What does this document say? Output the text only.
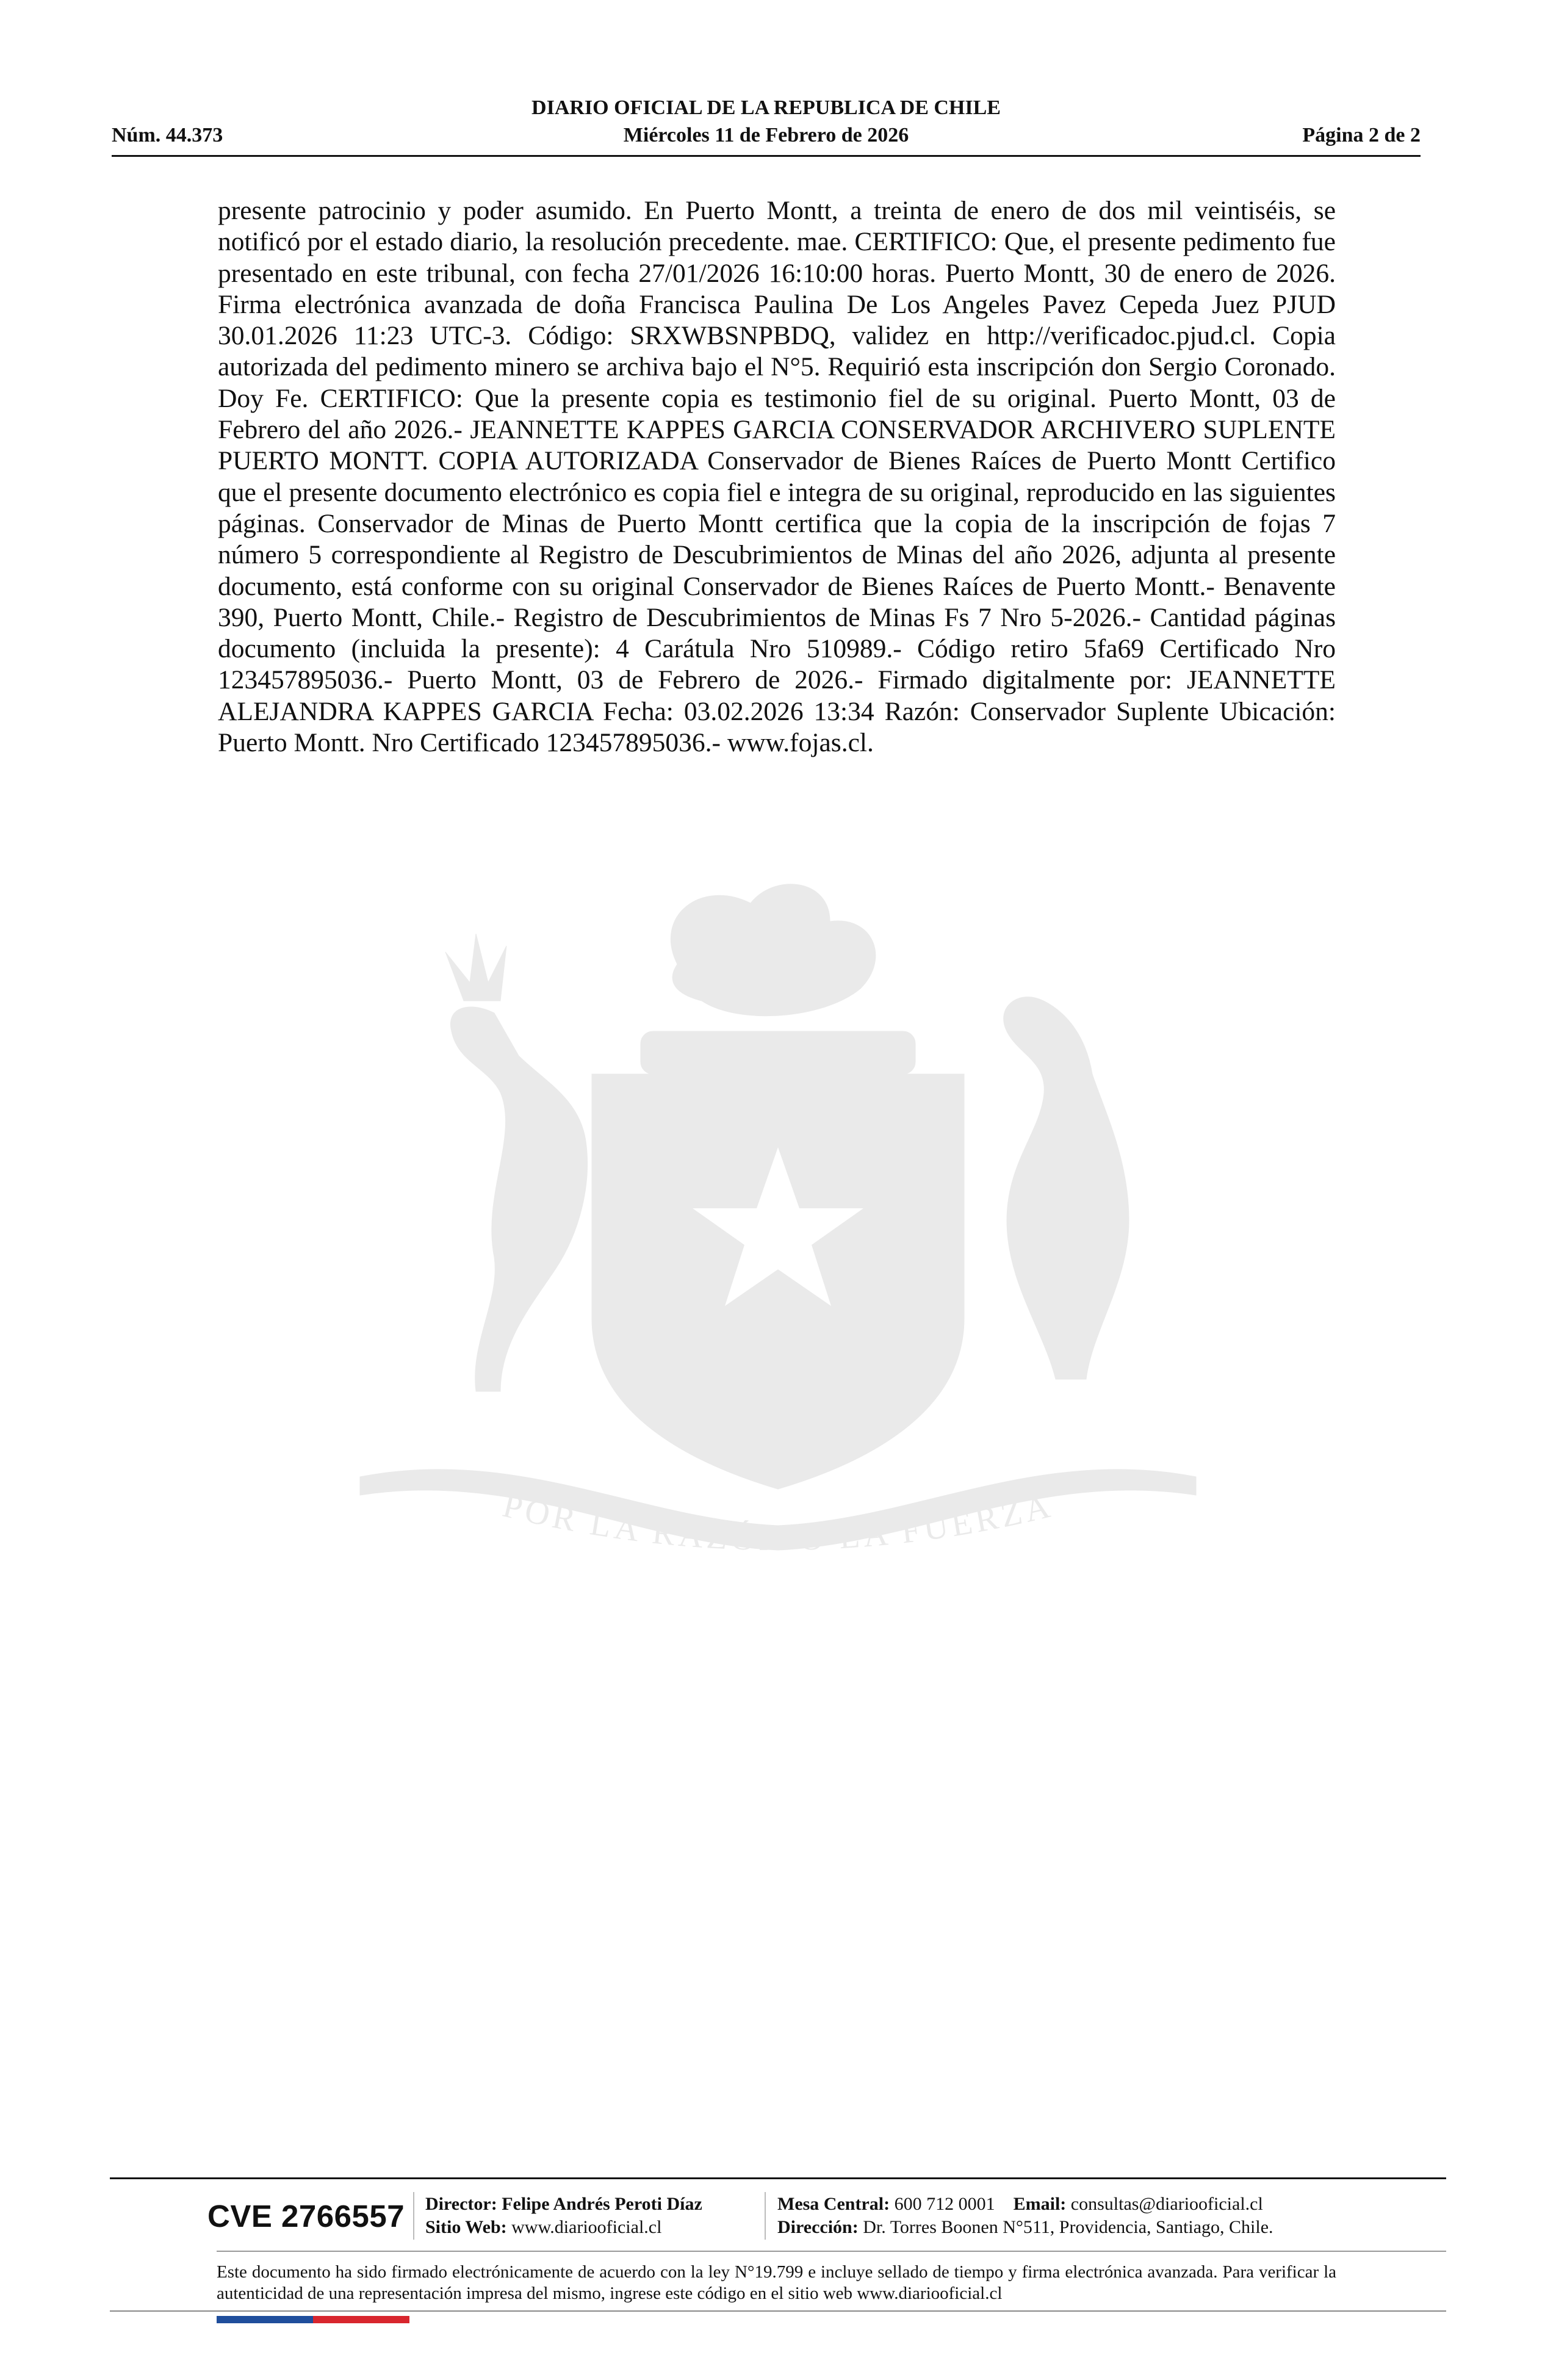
DIARIO OFICIAL DE LA REPUBLICA DE CHILE
Núm. 44.373	Miércoles 11 de Febrero de 2026	Página 2 de 2
POR LA RAZÓN O LA FUERZA
presente patrocinio y poder asumido. En Puerto Montt, a treinta de enero de dos mil veintiséis, se notificó por el estado diario, la resolución precedente. mae. CERTIFICO: Que, el presente pedimento fue presentado en este tribunal, con fecha 27/01/2026 16:10:00 horas. Puerto Montt, 30 de enero de 2026. Firma electrónica avanzada de doña Francisca Paulina De Los Angeles Pavez Cepeda Juez PJUD 30.01.2026 11:23 UTC-3. Código: SRXWBSNPBDQ, validez en http://verificadoc.pjud.cl. Copia autorizada del pedimento minero se archiva bajo el N°5. Requirió esta inscripción don Sergio Coronado. Doy Fe. CERTIFICO: Que la presente copia es testimonio fiel de su original. Puerto Montt, 03 de Febrero del año 2026.- JEANNETTE KAPPES GARCIA CONSERVADOR ARCHIVERO SUPLENTE PUERTO MONTT. COPIA AUTORIZADA Conservador de Bienes Raíces de Puerto Montt Certifico que el presente documento electrónico es copia fiel e integra de su original, reproducido en las siguientes páginas. Conservador de Minas de Puerto Montt certifica que la copia de la inscripción de fojas 7 número 5 correspondiente al Registro de Descubrimientos de Minas del año 2026, adjunta al presente documento, está conforme con su original Conservador de Bienes Raíces de Puerto Montt.- Benavente 390, Puerto Montt, Chile.- Registro de Descubrimientos de Minas Fs 7 Nro 5-2026.- Cantidad páginas documento (incluida la presente): 4 Carátula Nro 510989.- Código retiro 5fa69 Certificado Nro 123457895036.- Puerto Montt, 03 de Febrero de 2026.- Firmado digitalmente por: JEANNETTE ALEJANDRA KAPPES GARCIA Fecha: 03.02.2026 13:34 Razón: Conservador Suplente Ubicación: Puerto Montt. Nro Certificado 123457895036.- www.fojas.cl.
CVE 2766557 Director: Felipe Andrés Peroti Díaz
Sitio Web: www.diariooficial.cl
Mesa Central: 600 712 0001 Email: consultas@diariooficial.cl
Dirección: Dr. Torres Boonen N°511, Providencia, Santiago, Chile.
Este documento ha sido firmado electrónicamente de acuerdo con la ley N°19.799 e incluye sellado de tiempo y firma electrónica avanzada. Para verificar la autenticidad de una representación impresa del mismo, ingrese este código en el sitio web www.diariooficial.cl
